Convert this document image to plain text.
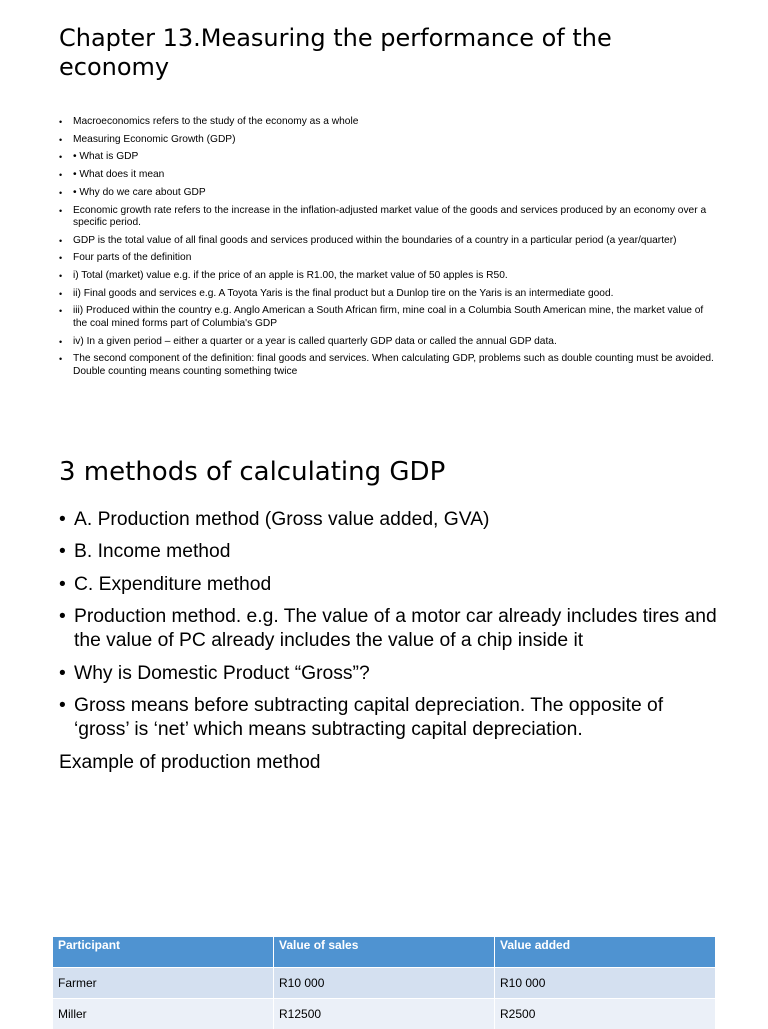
Chapter 13.Measuring the performance of the economy
• Macroeconomics refers to the study of the economy as a whole
• Measuring Economic Growth (GDP)
• • What is GDP
• • What does it mean
• • Why do we care about GDP
• Economic growth rate refers to the increase in the inflation-adjusted market value of the goods and services produced by an economy over a specific period.
• GDP is the total value of all final goods and services produced within the boundaries of a country in a particular period (a year/quarter)
• Four parts of the definition
• i) Total (market) value e.g. if the price of an apple is R1.00, the market value of 50 apples is R50.
• ii) Final goods and services e.g. A Toyota Yaris is the final product but a Dunlop tire on the Yaris is an intermediate good.
• iii) Produced within the country e.g. Anglo American a South African firm, mine coal in a Columbia South American mine, the market value of the coal mined forms part of Columbia's GDP
• iv) In a given period – either a quarter or a year is called quarterly GDP data or called the annual GDP data.
• The second component of the definition: final goods and services. When calculating GDP, problems such as double counting must be avoided. Double counting means counting something twice
3 methods of calculating GDP
• A. Production method (Gross value added, GVA)
• B. Income method
• C. Expenditure method
• Production method. e.g. The value of a motor car already includes tires and the value of PC already includes the value of a chip inside it
• Why is Domestic Product “Gross”?
• Gross means before subtracting capital depreciation. The opposite of ‘gross’ is ‘net’ which means subtracting capital depreciation.

Example of production method

Participant	Value of sales	Value added
Farmer	R10 000	R10 000
Miller	R12500	R2500
